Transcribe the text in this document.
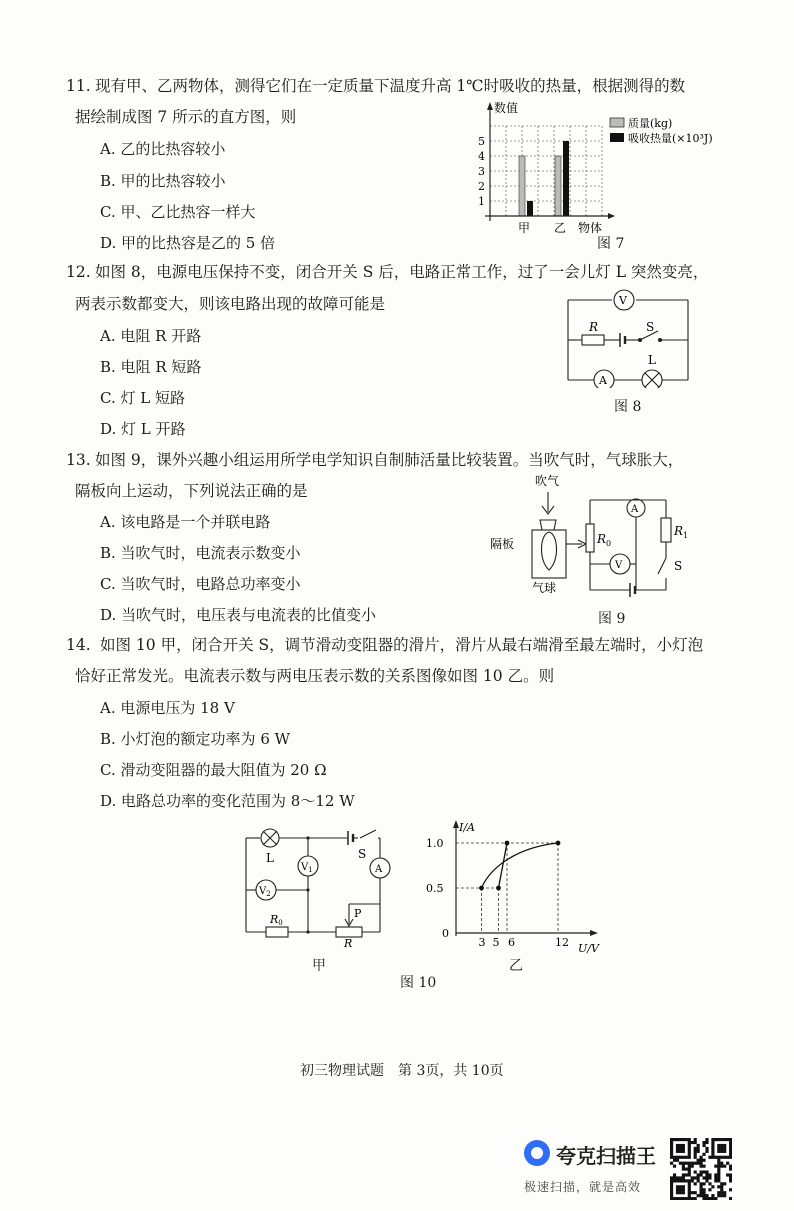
11. 现有甲、乙两物体，测得它们在一定质量下温度升高 1℃时吸收的热量，根据测得的数
据绘制成图 7 所示的直方图，则
A. 乙的比热容较小
B. 甲的比热容较小
C. 甲、乙比热容一样大
D. 甲的比热容是乙的 5 倍
数值
物体
甲 乙
1
2
3
4
5
质量(kg)
吸收热量(×10³J)
图 7
12. 如图 8，电源电压保持不变，闭合开关 S 后，电路正常工作，过了一会儿灯 L 突然变亮，
两表示数都变大，则该电路出现的故障可能是
A. 电阻 R 开路
B. 电阻 R 短路
C. 灯 L 短路
D. 灯 L 开路
V
A
R	S
L
图 8
13. 如图 9，课外兴趣小组运用所学电学知识自制肺活量比较装置。当吹气时，气球胀大，
隔板向上运动，下列说法正确的是
A. 该电路是一个并联电路
B. 当吹气时，电流表示数变小
C. 当吹气时，电路总功率变小
D. 当吹气时，电压表与电流表的比值变小
吹气
隔板
气球
$R_0$
A
V
$R_1$
S
图 9
14. 如图 10 甲，闭合开关 S，调节滑动变阻器的滑片，滑片从最右端滑至最左端时，小灯泡
恰好正常发光。电流表示数与两电压表示数的关系图像如图 10 乙。则
A. 电源电压为 18 V
B. 小灯泡的额定功率为 6 W
C. 滑动变阻器的最大阻值为 20 Ω
D. 电路总功率的变化范围为 8～12 W
L	S
A
$V_1$
$V_2$
R0
R
P
甲
I/A
U/V
0
1.0
0.5
3 5 6	12
乙
图 10
初三物理试题　第 3页，共 10页
夸克扫描王
极速扫描，就是高效
